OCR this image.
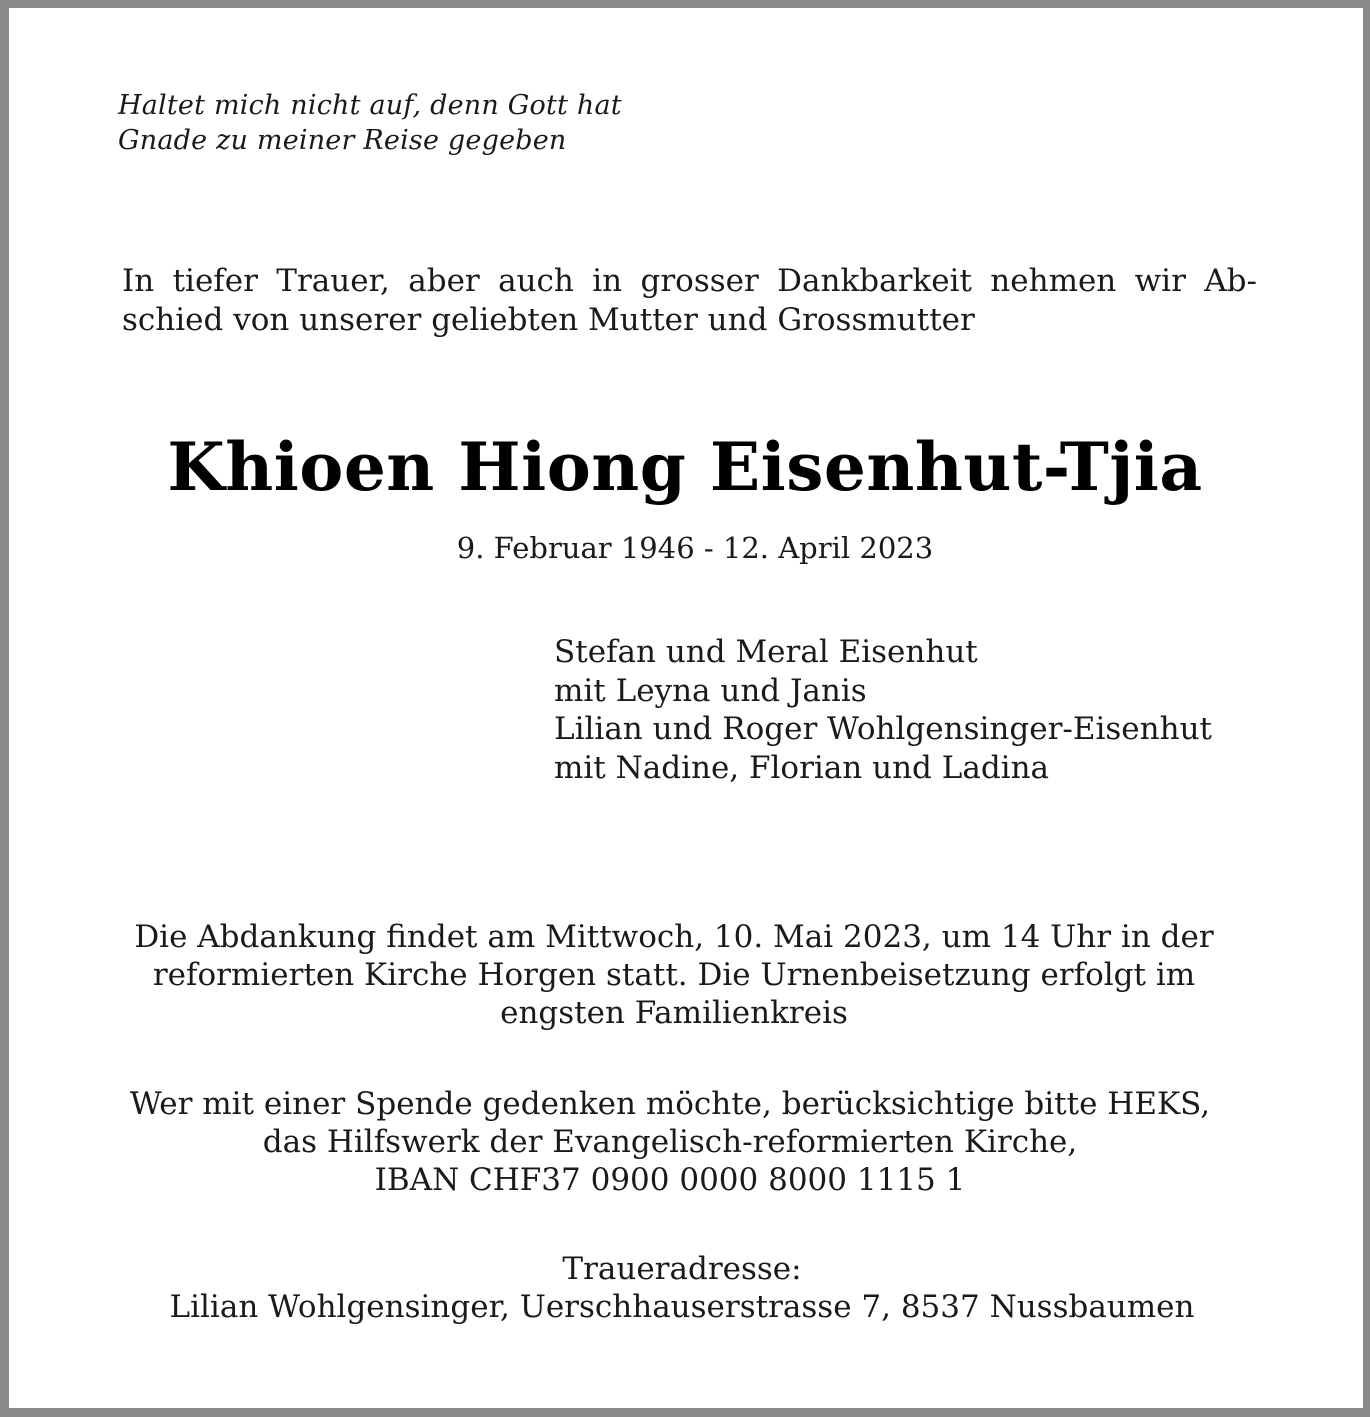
Haltet mich nicht auf, denn Gott hat
Gnade zu meiner Reise gegeben
In tiefer Trauer, aber auch in grosser Dankbarkeit nehmen wir Ab-
schied von unserer geliebten Mutter und Grossmutter
Khioen Hiong Eisenhut-Tjia
9. Februar 1946 - 12. April 2023
Stefan und Meral Eisenhut
mit Leyna und Janis
Lilian und Roger Wohlgensinger-Eisenhut
mit Nadine, Florian und Ladina
Die Abdankung findet am Mittwoch, 10. Mai 2023, um 14 Uhr in der
reformierten Kirche Horgen statt. Die Urnenbeisetzung erfolgt im
engsten Familienkreis
Wer mit einer Spende gedenken möchte, berücksichtige bitte HEKS,
das Hilfswerk der Evangelisch-reformierten Kirche,
IBAN CHF37 0900 0000 8000 1115 1
Traueradresse:
Lilian Wohlgensinger, Uerschhauserstrasse 7, 8537 Nussbaumen
